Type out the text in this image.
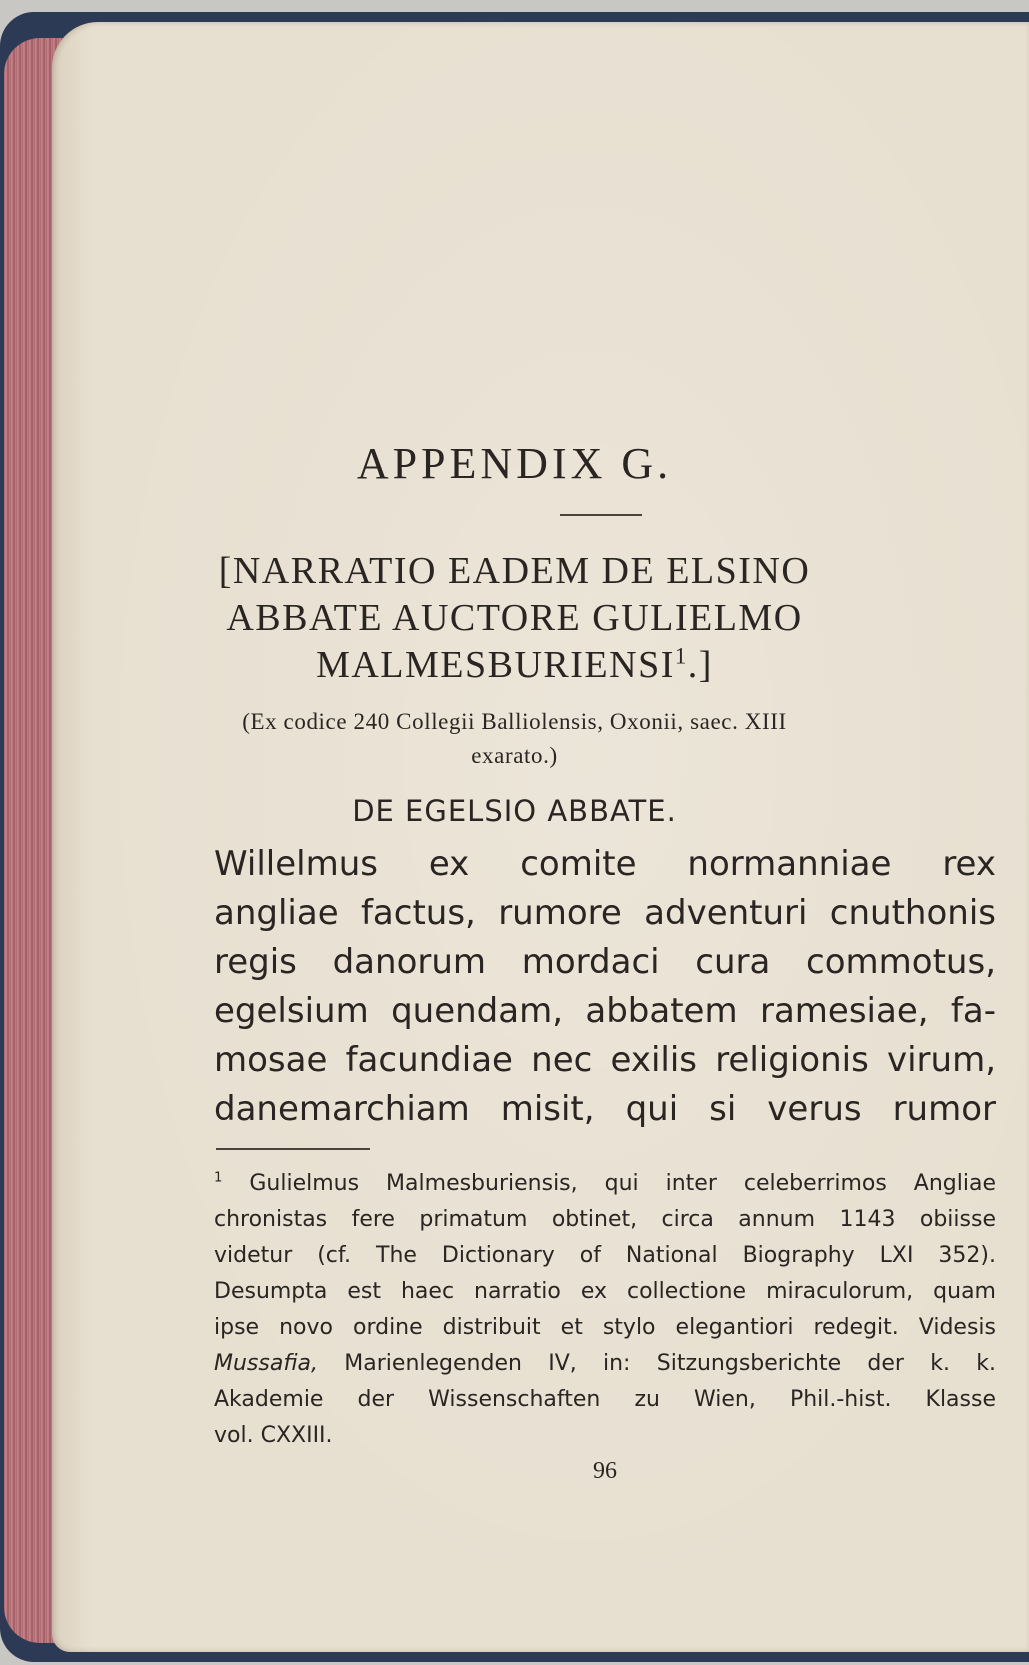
APPENDIX G.
[NARRATIO EADEM DE ELSINO
ABBATE AUCTORE GULIELMO
MALMESBURIENSI$^1$.]

(Ex codice 240 Collegii Balliolensis, Oxonii, saec. XIII
exarato.)

DE EGELSIO ABBATE.

Willelmus ex comite normanniae rex
angliae factus, rumore adventuri cnuthonis
regis danorum mordaci cura commotus,
egelsium quendam, abbatem ramesiae, fa-
mosae facundiae nec exilis religionis virum,
danemarchiam misit, qui si verus rumor

$^1$ Gulielmus Malmesburiensis, qui inter celeberrimos Angliae
chronistas fere primatum obtinet, circa annum 1143 obiisse
videtur (cf. The Dictionary of National Biography LXI 352).
Desumpta est haec narratio ex collectione miraculorum, quam
ipse novo ordine distribuit et stylo elegantiori redegit. Videsis
Mussafia, Marienlegenden IV, in: Sitzungsberichte der k. k.
Akademie der Wissenschaften zu Wien, Phil.-hist. Klasse
vol. CXXIII.

96
